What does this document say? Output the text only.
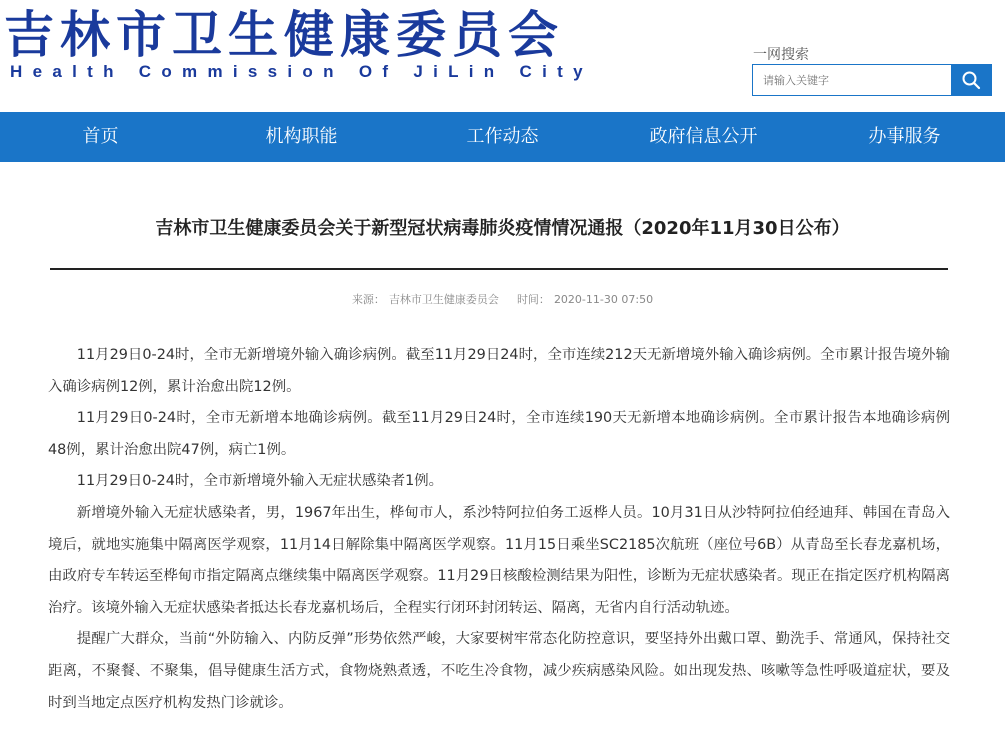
吉林市卫生健康委员会
Health Commission Of JiLin City
一网搜索
请输入关键字
首页	机构职能	工作动态	政府信息公开	办事服务
吉林市卫生健康委员会关于新型冠状病毒肺炎疫情情况通报（2020年11月30日公布）
来源： 吉林市卫生健康委员会 时间： 2020-11-30 07:50

11月29日0-24时，全市无新增境外输入确诊病例。截至11月29日24时，全市连续212天无新增境外输入确诊病例。全市累计报告境外输入确诊病例12例，累计治愈出院12例。

11月29日0-24时，全市无新增本地确诊病例。截至11月29日24时，全市连续190天无新增本地确诊病例。全市累计报告本地确诊病例48例，累计治愈出院47例，病亡1例。

11月29日0-24时，全市新增境外输入无症状感染者1例。

新增境外输入无症状感染者，男，1967年出生，桦甸市人，系沙特阿拉伯务工返桦人员。10月31日从沙特阿拉伯经迪拜、韩国在青岛入境后，就地实施集中隔离医学观察，11月14日解除集中隔离医学观察。11月15日乘坐SC2185次航班（座位号6B）从青岛至长春龙嘉机场，由政府专车转运至桦甸市指定隔离点继续集中隔离医学观察。11月29日核酸检测结果为阳性，诊断为无症状感染者。现正在指定医疗机构隔离治疗。该境外输入无症状感染者抵达长春龙嘉机场后，全程实行闭环封闭转运、隔离，无省内自行活动轨迹。

提醒广大群众，当前“外防输入、内防反弹”形势依然严峻，大家要树牢常态化防控意识，要坚持外出戴口罩、勤洗手、常通风，保持社交距离，不聚餐、不聚集，倡导健康生活方式，食物烧熟煮透，不吃生冷食物，减少疾病感染风险。如出现发热、咳嗽等急性呼吸道症状，要及时到当地定点医疗机构发热门诊就诊。
